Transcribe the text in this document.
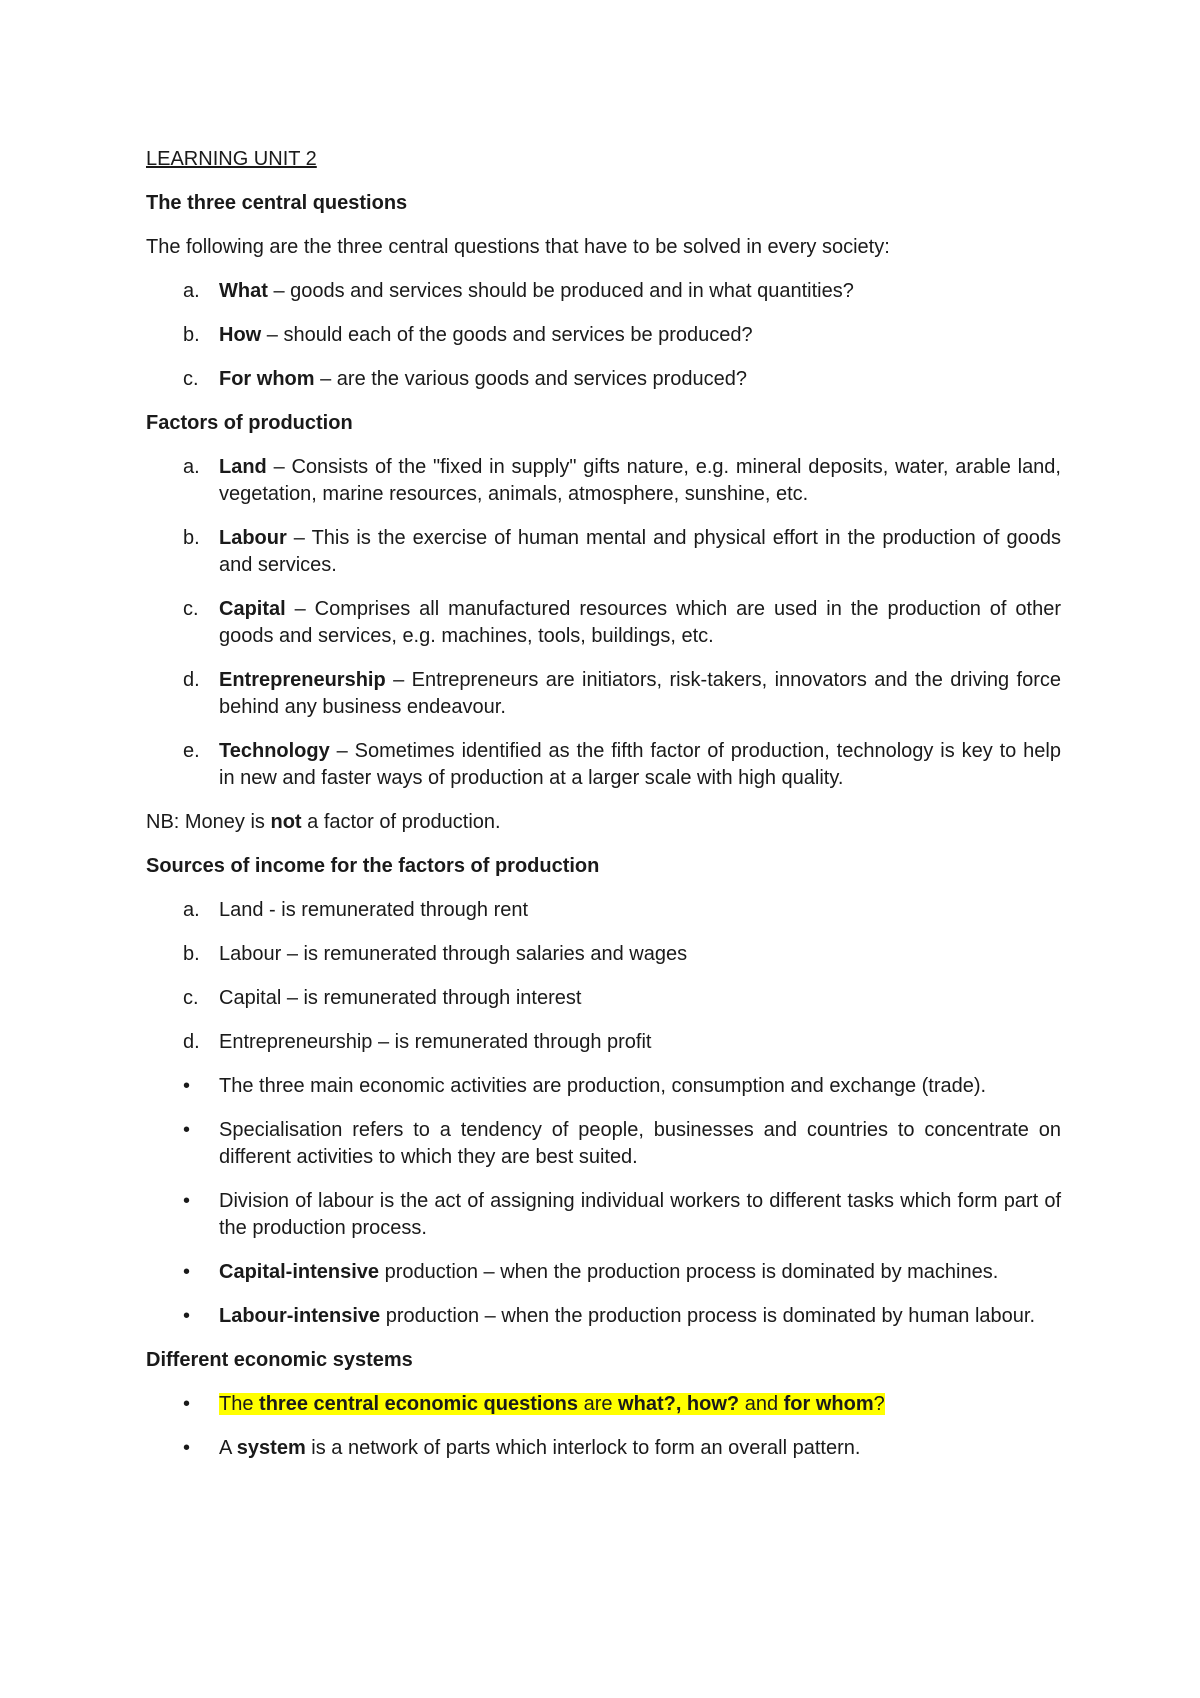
LEARNING UNIT 2
The three central questions

The following are the three central questions that have to be solved in every society:

a. What – goods and services should be produced and in what quantities?
b. How – should each of the goods and services be produced?
c.	For whom – are the various goods and services produced?
Factors of production
a. Land – Consists of the "fixed in supply" gifts nature, e.g. mineral deposits, water, arable land, vegetation, marine resources, animals, atmosphere, sunshine, etc.
b. Labour – This is the exercise of human mental and physical effort in the production of goods and services.
c.	Capital – Comprises all manufactured resources which are used in the production of other goods and services, e.g. machines, tools, buildings, etc.
d. Entrepreneurship – Entrepreneurs are initiators, risk-takers, innovators and the driving force behind any business endeavour.
e. Technology – Sometimes identified as the fifth factor of production, technology is key to help in new and faster ways of production at a larger scale with high quality.

NB: Money is not a factor of production.

Sources of income for the factors of production
a. Land - is remunerated through rent
b. Labour – is remunerated through salaries and wages
c.	Capital – is remunerated through interest
d. Entrepreneurship – is remunerated through profit
•	The three main economic activities are production, consumption and exchange (trade).
•	Specialisation refers to a tendency of people, businesses and countries to concentrate on different activities to which they are best suited.
•	Division of labour is the act of assigning individual workers to different tasks which form part of the production process.
•	Capital-intensive production – when the production process is dominated by machines.
•	Labour-intensive production – when the production process is dominated by human labour.
Different economic systems
•	The three central economic questions are what?, how? and for whom?
•	A system is a network of parts which interlock to form an overall pattern.
